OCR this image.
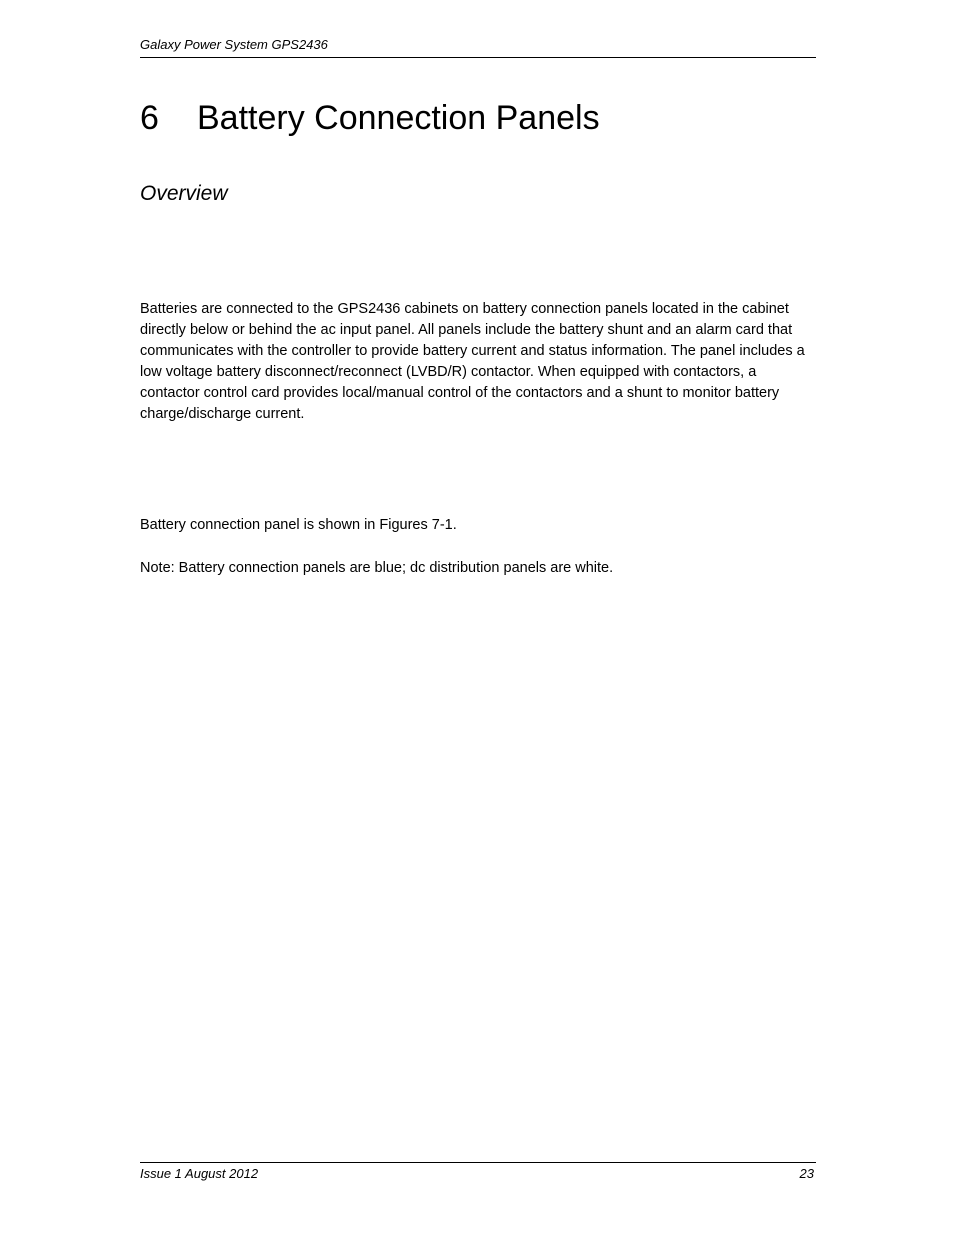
Galaxy Power System GPS2436
6 Battery Connection Panels
Overview

Batteries are connected to the GPS2436 cabinets on battery connection panels located in the cabinet directly below or behind the ac input panel. All panels include the battery shunt and an alarm card that communicates with the controller to provide battery current and status information. The panel includes a low voltage battery disconnect/reconnect (LVBD/R) contactor. When equipped with contactors, a contactor control card provides local/manual control of the contactors and a shunt to monitor battery charge/discharge current.

Battery connection panel is shown in Figures 7-1.

Note: Battery connection panels are blue; dc distribution panels are white.

Issue 1 August 2012	23
